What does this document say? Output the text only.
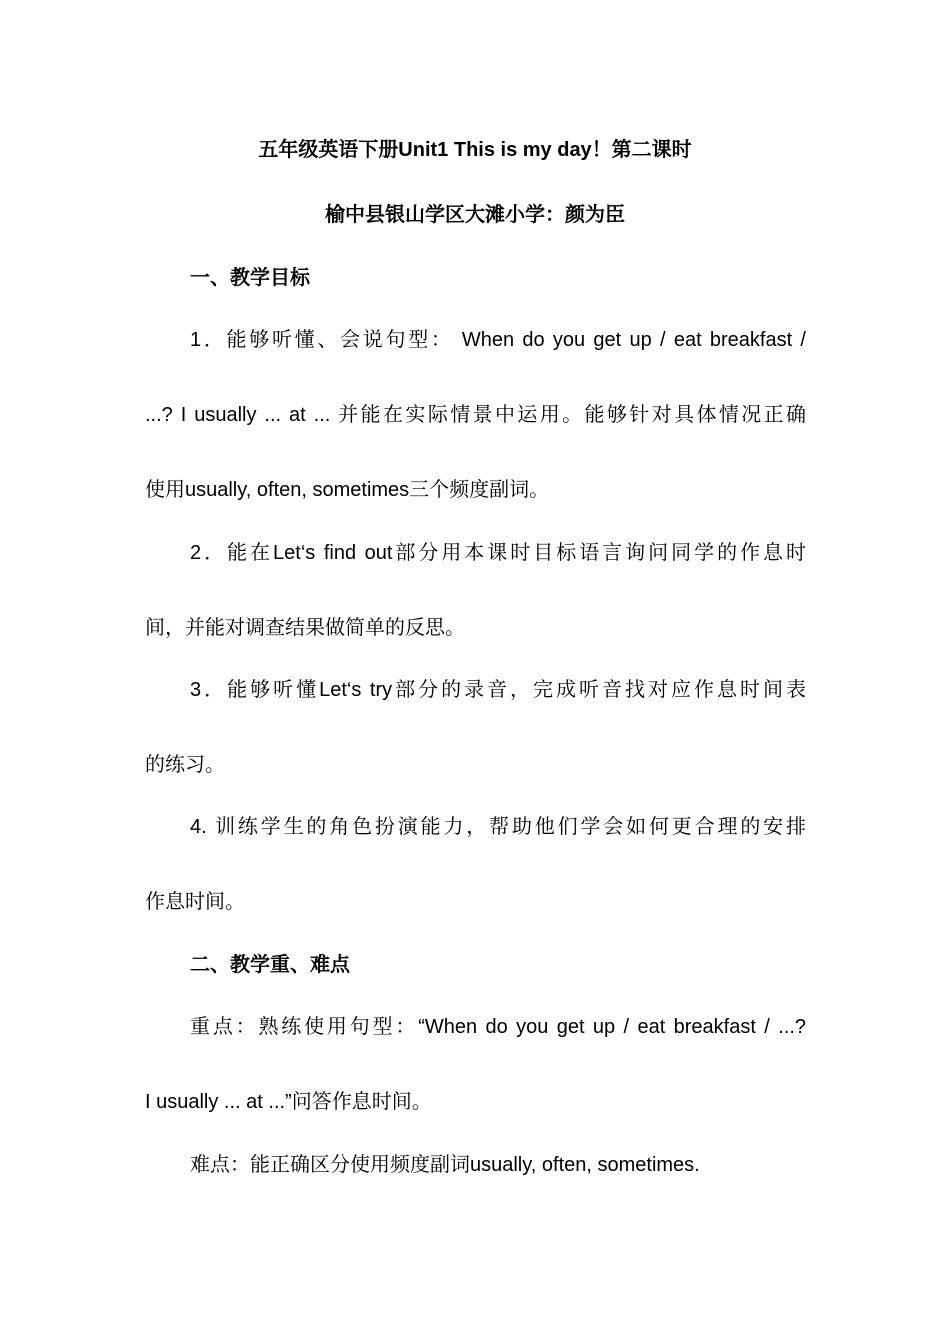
五年级英语下册Unit1 This is my day！第二课时
榆中县银山学区大滩小学：颜为臣
一、教学目标
1．能够听懂、会说句型： When do you get up / eat breakfast /
...? I usually ... at ... 并能在实际情景中运用。能够针对具体情况正确
使用usually, often, sometimes三个频度副词。
2．能在Let‘s find out部分用本课时目标语言询问同学的作息时
间，并能对调查结果做简单的反思。
3．能够听懂Let‘s try部分的录音，完成听音找对应作息时间表
的练习。
4. 训练学生的角色扮演能力，帮助他们学会如何更合理的安排
作息时间。
二、教学重、难点
重点：熟练使用句型：“When do you get up / eat breakfast / ...?
I usually ... at ...”问答作息时间。
难点：能正确区分使用频度副词usually, often, sometimes.
